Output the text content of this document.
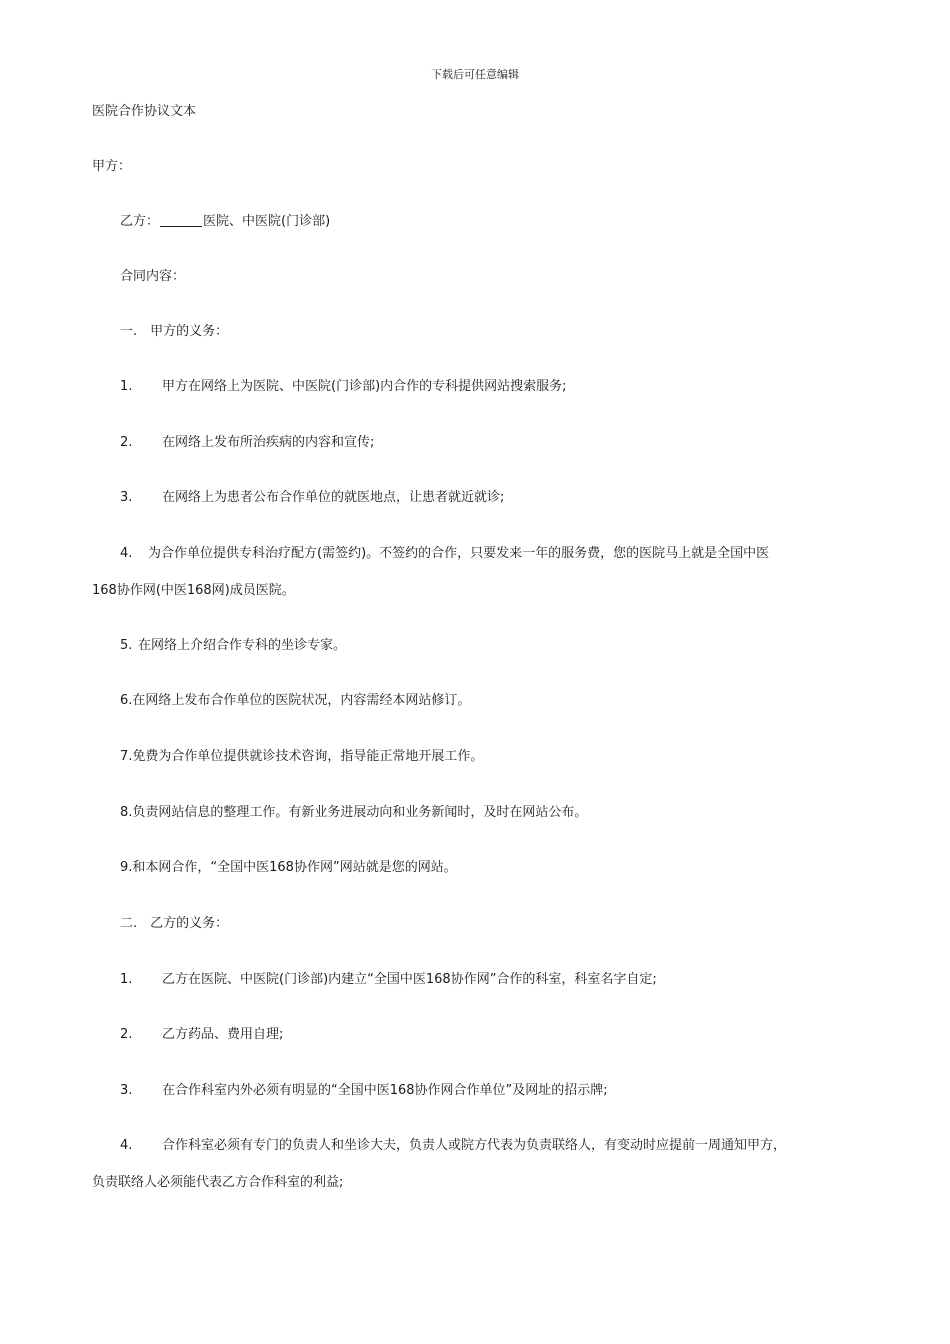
下载后可任意编辑
医院合作协议文本
甲方：
乙方：	医院、中医院(门诊部)
合同内容：
一.　甲方的义务：
1. 甲方在网络上为医院、中医院(门诊部)内合作的专科提供网站搜索服务;
2. 在网络上发布所治疾病的内容和宣传;
3. 在网络上为患者公布合作单位的就医地点，让患者就近就诊;
4. 为合作单位提供专科治疗配方(需签约)。不签约的合作，只要发来一年的服务费，您的医院马上就是全国中医
168协作网(中医168网)成员医院。
5. 在网络上介绍合作专科的坐诊专家。
6.在网络上发布合作单位的医院状况，内容需经本网站修订。
7.免费为合作单位提供就诊技术咨询，指导能正常地开展工作。
8.负责网站信息的整理工作。有新业务进展动向和业务新闻时，及时在网站公布。
9.和本网合作，“全国中医168协作网”网站就是您的网站。
二.　乙方的义务：
1. 乙方在医院、中医院(门诊部)内建立“全国中医168协作网”合作的科室，科室名字自定;
2. 乙方药品、费用自理;
3. 在合作科室内外必须有明显的“全国中医168协作网合作单位”及网址的招示牌;
4. 合作科室必须有专门的负责人和坐诊大夫，负责人或院方代表为负责联络人，有变动时应提前一周通知甲方，
负责联络人必须能代表乙方合作科室的利益;
